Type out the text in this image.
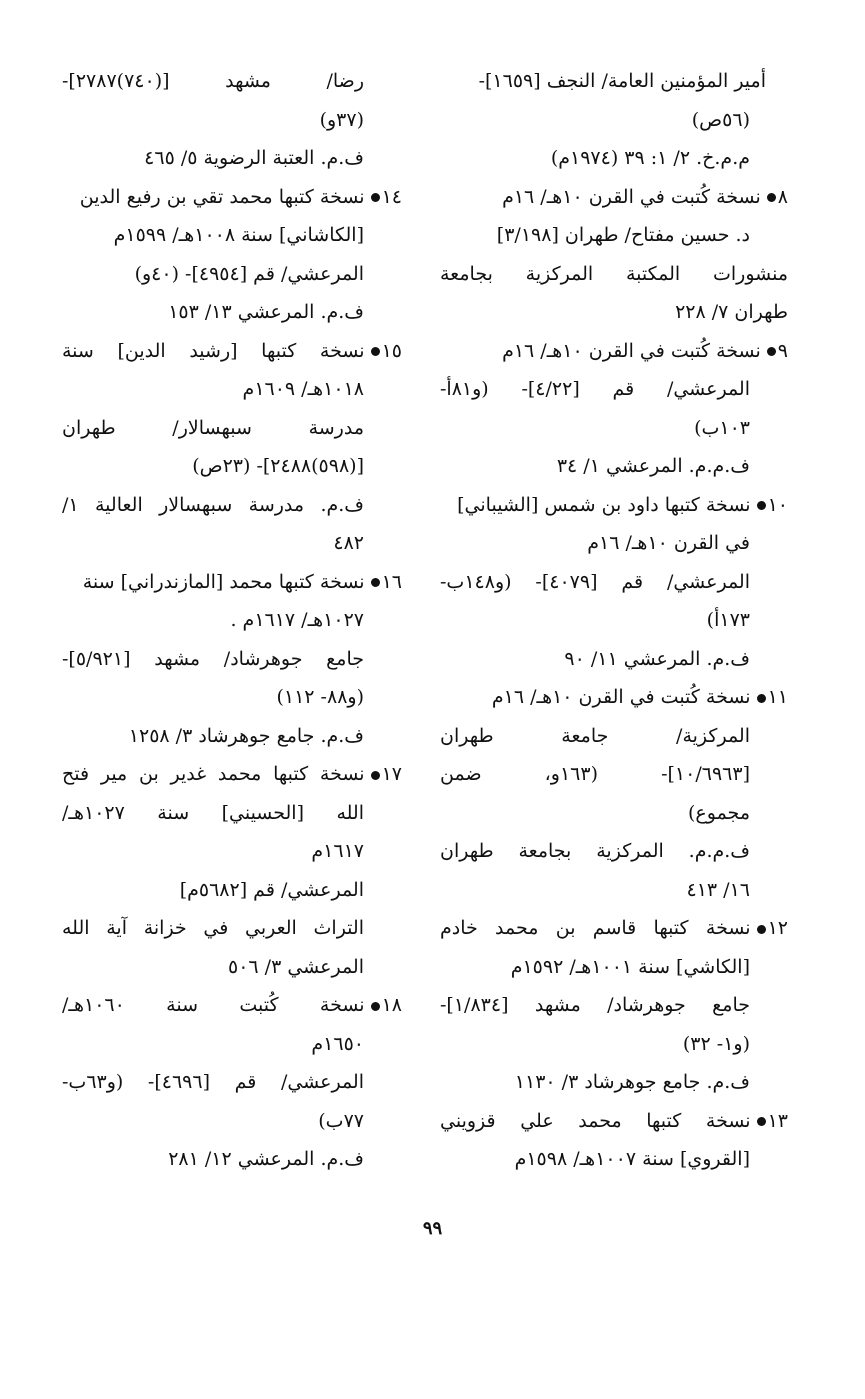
أمير المؤمنين العامة/ النجف [١٦٥٩]-
(٥٦ص)
م.م.خ. ٢/ ١: ٣٩ (١٩٧٤م)
٨نسخة كُتبت في القرن ١٠هـ/ ١٦م
د. حسين مفتاح/ طهران [٣/١٩٨]
منشورات المكتبة المركزية بجامعة
طهران ٧/ ٢٢٨
٩نسخة كُتبت في القرن ١٠هـ/ ١٦م
المرعشي/ قم [٤/٢٢]- (و٨١أ-
١٠٣ب)
ف.م.م. المرعشي ١/ ٣٤
١٠نسخة كتبها داود بن شمس [الشيباني]
في القرن ١٠هـ/ ١٦م
المرعشي/ قم [٤٠٧٩]- (و١٤٨ب-
١٧٣أ)
ف.م. المرعشي ١١/ ٩٠
١١نسخة كُتبت في القرن ١٠هـ/ ١٦م
المركزية/ جامعة طهران
[١٠/٦٩٦٣]- (١٦٣و، ضمن
مجموع)
ف.م.م. المركزية بجامعة طهران
١٦/ ٤١٣
١٢نسخة كتبها قاسم بن محمد خادم
[الكاشي] سنة ١٠٠١هـ/ ١٥٩٢م
جامع جوهرشاد/ مشهد [١/٨٣٤]-
(و١- ٣٢)
ف.م. جامع جوهرشاد ٣/ ١١٣٠
١٣نسخة كتبها محمد علي قزويني
[القروي] سنة ١٠٠٧هـ/ ١٥٩٨م
رضا/ مشهد [(٧٤٠)٢٧٨٧]-
(٣٧و)
ف.م. العتبة الرضوية ٥/ ٤٦٥
١٤نسخة كتبها محمد تقي بن رفيع الدين
[الكاشاني] سنة ١٠٠٨هـ/ ١٥٩٩م
المرعشي/ قم [٤٩٥٤]- (٤٠و)
ف.م. المرعشي ١٣/ ١٥٣
١٥نسخة كتبها [رشيد الدين] سنة
١٠١٨هـ/ ١٦٠٩م
مدرسة سبهسالار/ طهران
[(٥٩٨)٢٤٨٨]- (٢٣ص)
ف.م. مدرسة سبهسالار العالية ١/
٤٨٢
١٦نسخة كتبها محمد [المازندراني] سنة
١٠٢٧هـ/ ١٦١٧م .
جامع جوهرشاد/ مشهد [٥/٩٢١]-
(و٨٨- ١١٢)
ف.م. جامع جوهرشاد ٣/ ١٢٥٨
١٧نسخة كتبها محمد غدير بن مير فتح
الله [الحسيني] سنة ١٠٢٧هـ/
١٦١٧م
المرعشي/ قم [٥٦٨٢م]
التراث العربي في خزانة آية الله
المرعشي ٣/ ٥٠٦
١٨نسخة كُتبت سنة ١٠٦٠هـ/
١٦٥٠م
المرعشي/ قم [٤٦٩٦]- (و٦٣ب-
٧٧ب)
ف.م. المرعشي ١٢/ ٢٨١
٩٩
